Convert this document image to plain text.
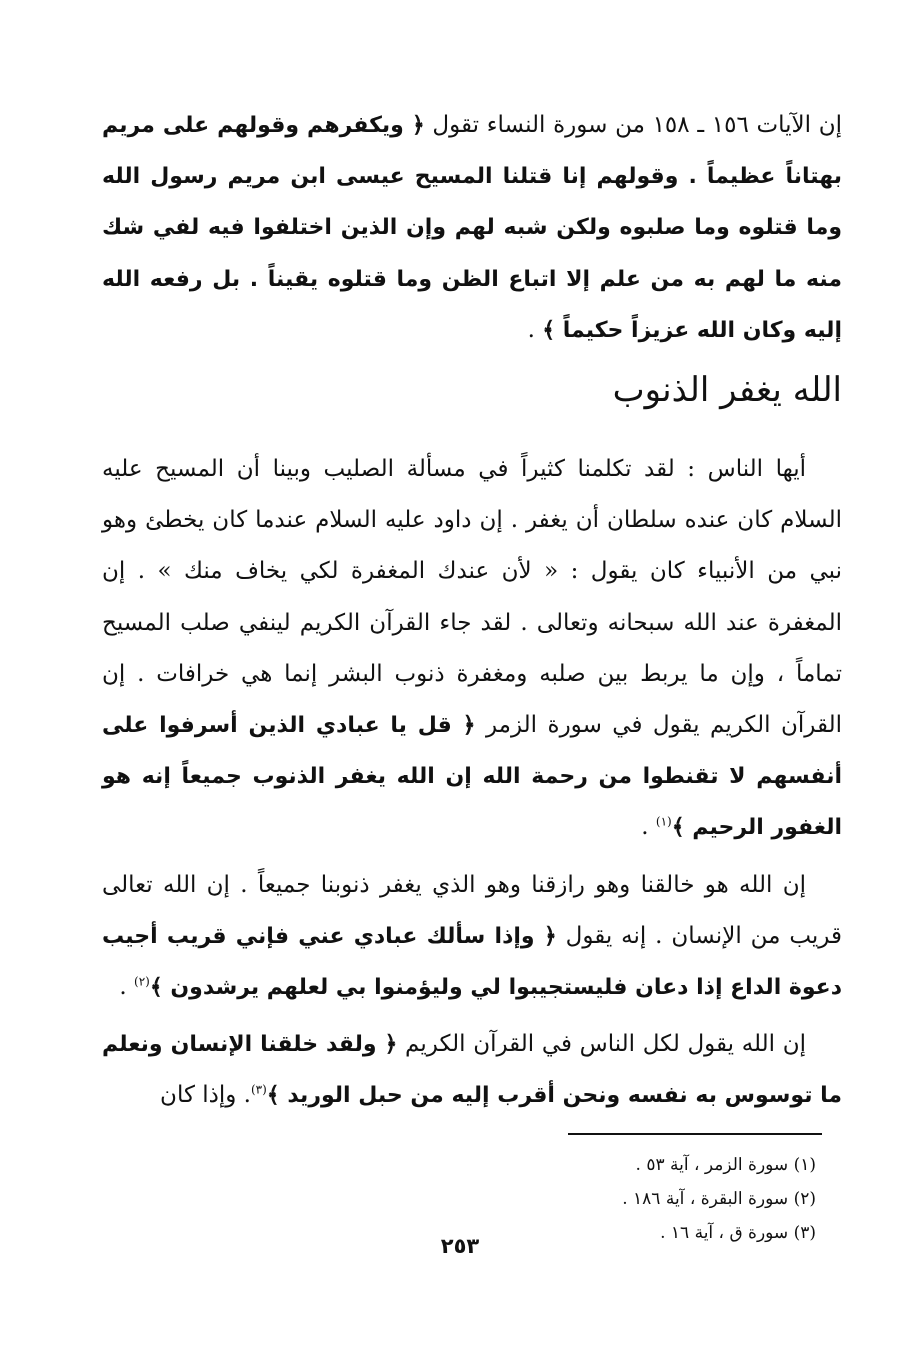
إن الآيات ١٥٦ ـ ١٥٨ من سورة النساء تقول ﴿ ويكفرهم وقولهم على مريم بهتاناً عظيماً . وقولهم إنا قتلنا المسيح عيسى ابن مريم رسول الله وما قتلوه وما صلبوه ولكن شبه لهم وإن الذين اختلفوا فيه لفي شك منه ما لهم به من علم إلا اتباع الظن وما قتلوه يقيناً . بل رفعه الله إليه وكان الله عزيزاً حكيماً ﴾ .

الله يغفر الذنوب

أيها الناس : لقد تكلمنا كثيراً في مسألة الصليب وبينا أن المسيح عليه السلام كان عنده سلطان أن يغفر . إن داود عليه السلام عندما كان يخطئ وهو نبي من الأنبياء كان يقول : « لأن عندك المغفرة لكي يخاف منك » . إن المغفرة عند الله سبحانه وتعالى . لقد جاء القرآن الكريم لينفي صلب المسيح تماماً ، وإن ما يربط بين صلبه ومغفرة ذنوب البشر إنما هي خرافات . إن القرآن الكريم يقول في سورة الزمر ﴿ قل يا عبادي الذين أسرفوا على أنفسهم لا تقنطوا من رحمة الله إن الله يغفر الذنوب جميعاً إنه هو الغفور الرحيم ﴾$^{(١)}$ .

إن الله هو خالقنا وهو رازقنا وهو الذي يغفر ذنوبنا جميعاً . إن الله تعالى قريب من الإنسان . إنه يقول ﴿ وإذا سألك عبادي عني فإني قريب أجيب دعوة الداع إذا دعان فليستجيبوا لي وليؤمنوا بي لعلهم يرشدون ﴾$^{(٢)}$ .

إن الله يقول لكل الناس في القرآن الكريم ﴿ ولقد خلقنا الإنسان ونعلم ما توسوس به نفسه ونحن أقرب إليه من حبل الوريد ﴾$^{(٣)}$. وإذا كان

(١) سورة الزمر ، آية ٥٣ .
(٢) سورة البقرة ، آية ١٨٦ .
(٣) سورة ق ، آية ١٦ .
٢٥٣
